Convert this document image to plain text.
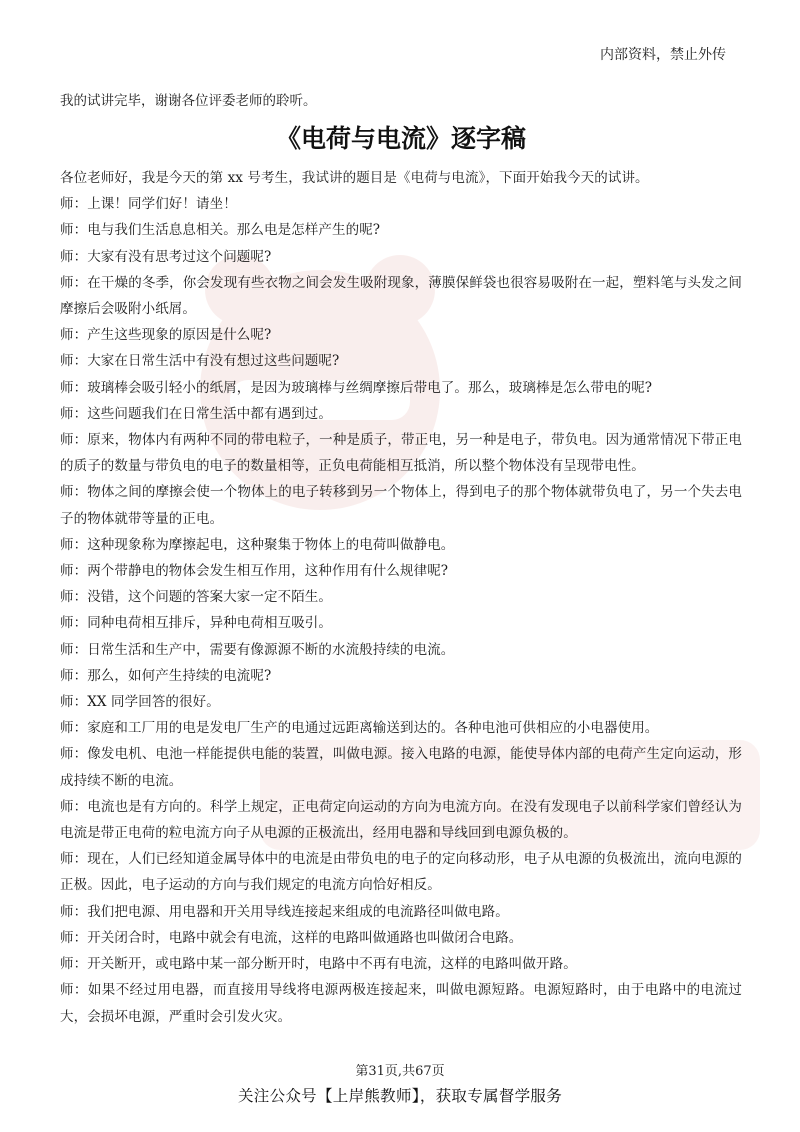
内部资料，禁止外传
我的试讲完毕，谢谢各位评委老师的聆听。
《电荷与电流》逐字稿

各位老师好，我是今天的第 xx 号考生，我试讲的题目是《电荷与电流》，下面开始我今天的试讲。

师：上课！同学们好！请坐！

师：电与我们生活息息相关。那么电是怎样产生的呢?

师：大家有没有思考过这个问题呢?

师：在干燥的冬季，你会发现有些衣物之间会发生吸附现象，薄膜保鲜袋也很容易吸附在一起，塑料笔与头发之间摩擦后会吸附小纸屑。

师：产生这些现象的原因是什么呢?

师：大家在日常生活中有没有想过这些问题呢?

师：玻璃棒会吸引轻小的纸屑，是因为玻璃棒与丝绸摩擦后带电了。那么，玻璃棒是怎么带电的呢?

师：这些问题我们在日常生活中都有遇到过。

师：原来，物体内有两种不同的带电粒子，一种是质子，带正电，另一种是电子，带负电。因为通常情况下带正电的质子的数量与带负电的电子的数量相等，正负电荷能相互抵消，所以整个物体没有呈现带电性。

师：物体之间的摩擦会使一个物体上的电子转移到另一个物体上，得到电子的那个物体就带负电了，另一个失去电子的物体就带等量的正电。

师：这种现象称为摩擦起电，这种聚集于物体上的电荷叫做静电。

师：两个带静电的物体会发生相互作用，这种作用有什么规律呢?

师：没错，这个问题的答案大家一定不陌生。

师：同种电荷相互排斥，异种电荷相互吸引。

师：日常生活和生产中，需要有像源源不断的水流般持续的电流。

师：那么，如何产生持续的电流呢?

师：XX 同学回答的很好。

师：家庭和工厂用的电是发电厂生产的电通过远距离输送到达的。各种电池可供相应的小电器使用。

师：像发电机、电池一样能提供电能的装置，叫做电源。接入电路的电源，能使导体内部的电荷产生定向运动，形成持续不断的电流。

师：电流也是有方向的。科学上规定，正电荷定向运动的方向为电流方向。在没有发现电子以前科学家们曾经认为电流是带正电荷的粒电流方向子从电源的正极流出，经用电器和导线回到电源负极的。

师：现在，人们已经知道金属导体中的电流是由带负电的电子的定向移动形，电子从电源的负极流出，流向电源的正极。因此，电子运动的方向与我们规定的电流方向恰好相反。

师：我们把电源、用电器和开关用导线连接起来组成的电流路径叫做电路。

师：开关闭合时，电路中就会有电流，这样的电路叫做通路也叫做闭合电路。

师：开关断开，或电路中某一部分断开时，电路中不再有电流，这样的电路叫做开路。

师：如果不经过用电器，而直接用导线将电源两极连接起来，叫做电源短路。电源短路时，由于电路中的电流过大，会损坏电源，严重时会引发火灾。

第31页,共67页
关注公众号【上岸熊教师】，获取专属督学服务
